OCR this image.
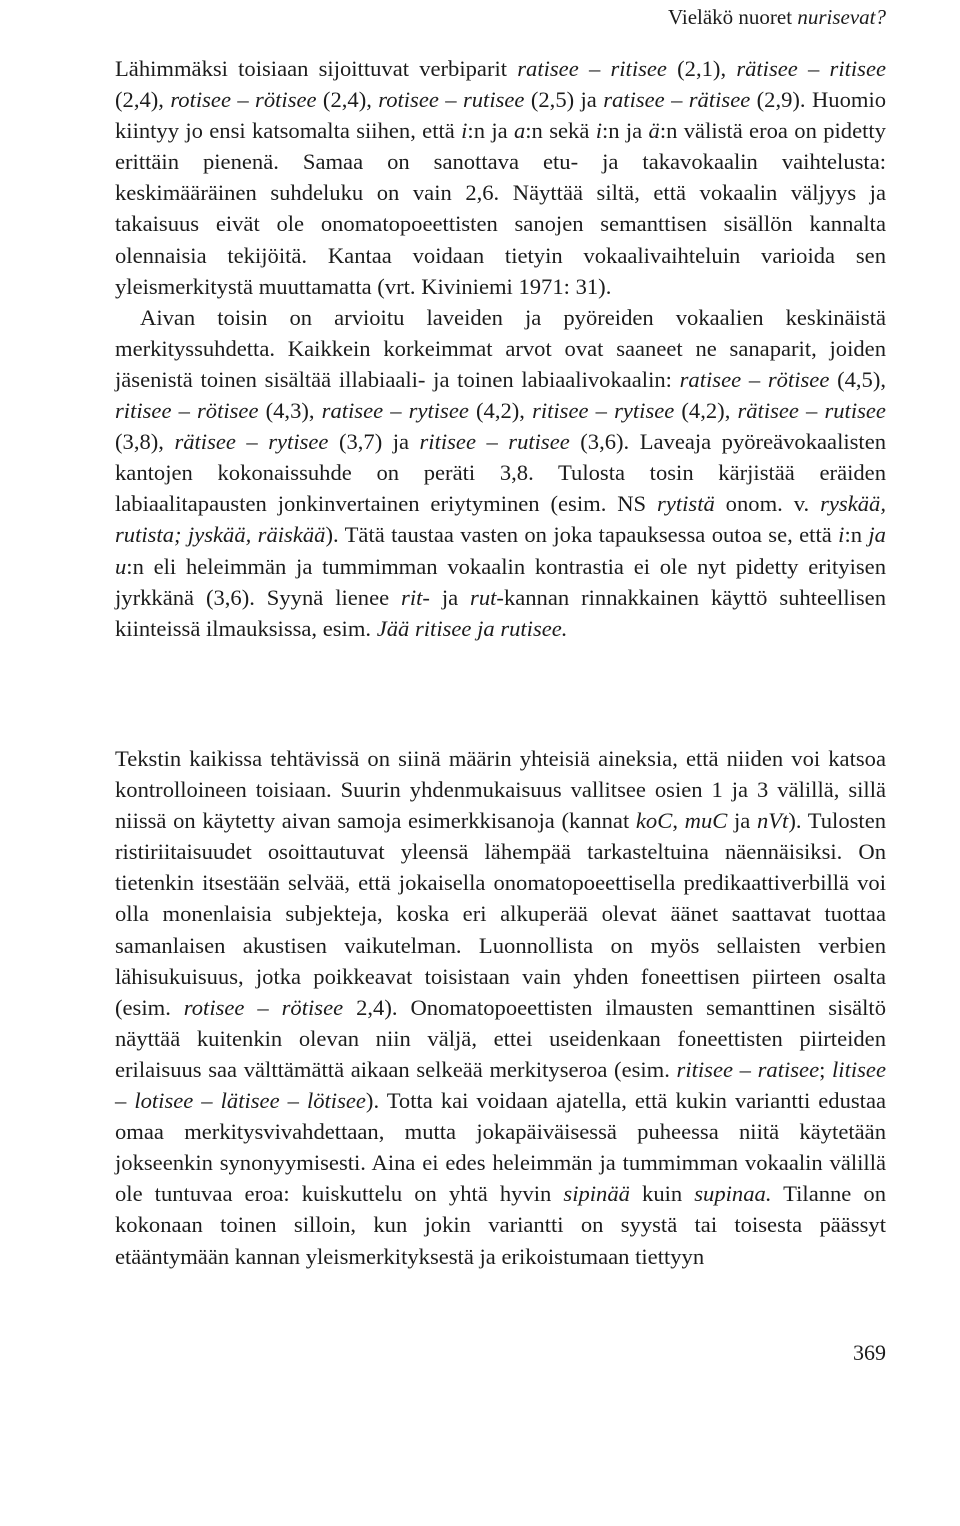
Vieläkö nuoret nurisevat?

Lähimmäksi toisiaan sijoittuvat verbiparit ratisee – ritisee (2,1), rätisee – ritisee (2,4), rotisee – rötisee (2,4), rotisee – rutisee (2,5) ja ratisee – rätisee (2,9). Huomio kiintyy jo ensi katsomalta siihen, että i:n ja a:n sekä i:n ja ä:n välistä eroa on pidetty erittäin pienenä. Samaa on sanottava etu- ja takavokaalin vaihtelusta: keskimääräinen suhdeluku on vain 2,6. Näyttää siltä, että vokaalin väljyys ja takaisuus eivät ole onomatopoeettisten sanojen semanttisen sisällön kannalta olennaisia tekijöitä. Kantaa voidaan tietyin vokaalivaihteluin varioida sen yleismerkitystä muuttamatta (vrt. Kiviniemi 1971: 31).

Aivan toisin on arvioitu laveiden ja pyöreiden vokaalien keskinäistä merkityssuhdetta. Kaikkein korkeimmat arvot ovat saaneet ne sanaparit, joiden jäsenistä toinen sisältää illabiaali- ja toinen labiaalivokaalin: ratisee – rötisee (4,5), ritisee – rötisee (4,3), ratisee – rytisee (4,2), ritisee – rytisee (4,2), rätisee – rutisee (3,8), rätisee – rytisee (3,7) ja ritisee – rutisee (3,6). Laveaja pyöreävokaalisten kantojen kokonaissuhde on peräti 3,8. Tulosta tosin kärjistää eräiden labiaalitapausten jonkinvertainen eriytyminen (esim. NS rytistä onom. v. ryskää, rutista; jyskää, räiskää). Tätä taustaa vasten on joka tapauksessa outoa se, että i:n ja u:n eli heleimmän ja tummimman vokaalin kontrastia ei ole nyt pidetty erityisen jyrkkänä (3,6). Syynä lienee rit- ja rut-kannan rinnakkainen käyttö suhteellisen kiinteissä ilmauksissa, esim. Jää ritisee ja rutisee.

Tekstin kaikissa tehtävissä on siinä määrin yhteisiä aineksia, että niiden voi katsoa kontrolloineen toisiaan. Suurin yhdenmukaisuus vallitsee osien 1 ja 3 välillä, sillä niissä on käytetty aivan samoja esimerkkisanoja (kannat koC, muC ja nVt). Tulosten ristiriitaisuudet osoittautuvat yleensä lähempää tarkasteltuina näennäisiksi. On tietenkin itsestään selvää, että jokaisella onomatopoeettisella predikaattiverbillä voi olla monenlaisia subjekteja, koska eri alkuperää olevat äänet saattavat tuottaa samanlaisen akustisen vaikutelman. Luonnollista on myös sellaisten verbien lähisukuisuus, jotka poikkeavat toisistaan vain yhden foneettisen piirteen osalta (esim. rotisee – rötisee 2,4). Onomatopoeettisten ilmausten semanttinen sisältö näyttää kuitenkin olevan niin väljä, ettei useidenkaan foneettisten piirteiden erilaisuus saa välttämättä aikaan selkeää merkityseroa (esim. ritisee – ratisee; litisee – lotisee – lätisee – lötisee). Totta kai voidaan ajatella, että kukin variantti edustaa omaa merkitysvivahdettaan, mutta jokapäiväisessä puheessa niitä käytetään jokseenkin synonyymisesti. Aina ei edes heleimmän ja tummimman vokaalin välillä ole tuntuvaa eroa: kuiskuttelu on yhtä hyvin sipinää kuin supinaa. Tilanne on kokonaan toinen silloin, kun jokin variantti on syystä tai toisesta päässyt etääntymään kannan yleismerkityksestä ja erikoistumaan tiettyyn

369
